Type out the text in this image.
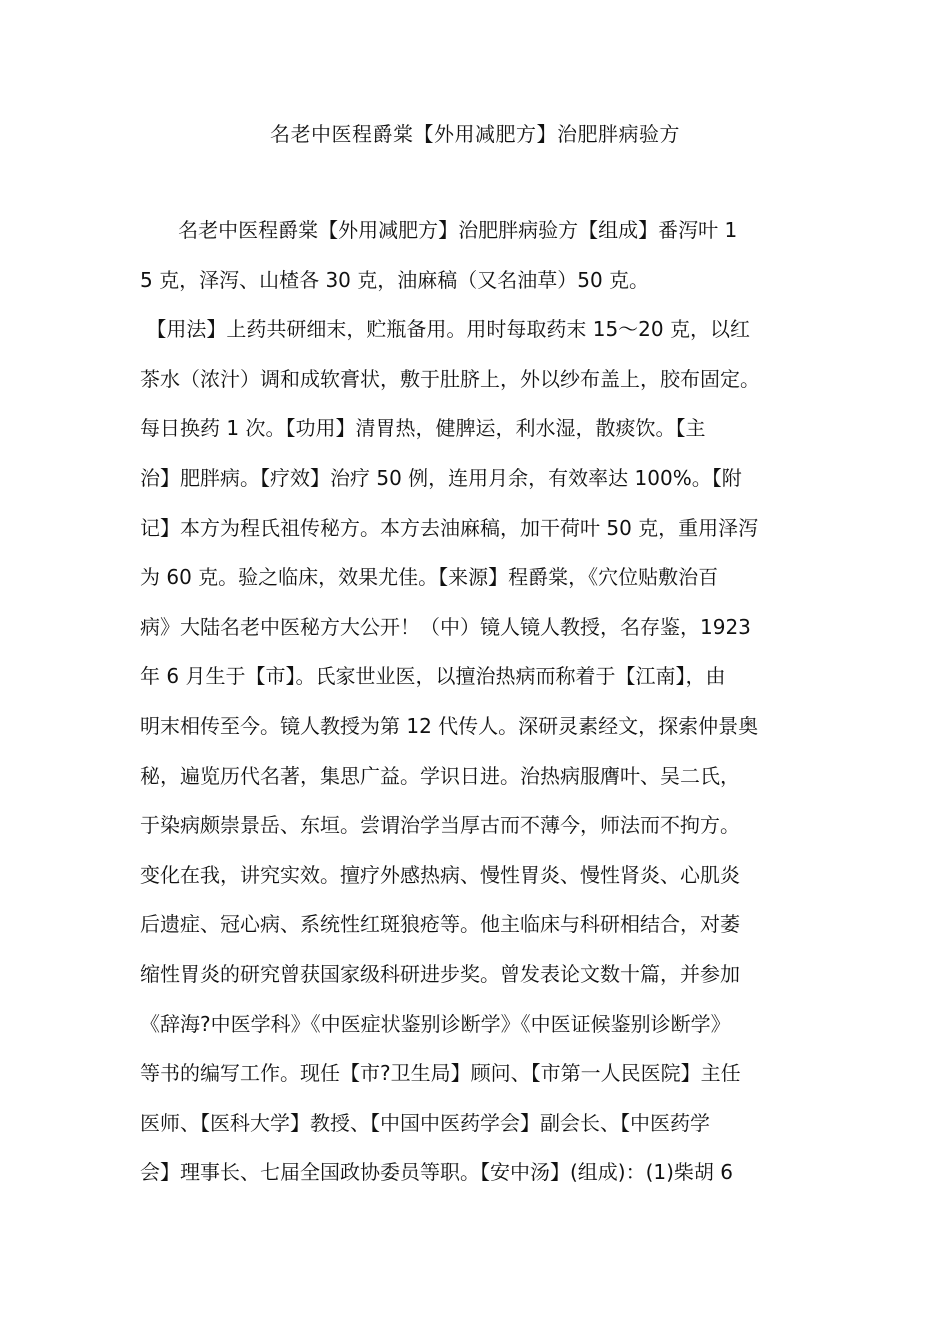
名老中医程爵棠【外用减肥方】治肥胖病验方
名老中医程爵棠【外用减肥方】治肥胖病验方【组成】番泻叶 1
5 克，泽泻、山楂各 30 克，油麻稿（又名油草）50 克。
【用法】上药共研细末，贮瓶备用。用时每取药末 15～20 克，以红
茶水（浓汁）调和成软膏状，敷于肚脐上，外以纱布盖上，胶布固定。
每日换药 1 次。【功用】清胃热，健脾运，利水湿，散痰饮。【主
治】肥胖病。【疗效】治疗 50 例，连用月余，有效率达 100%。【附
记】本方为程氏祖传秘方。本方去油麻稿，加干荷叶 50 克，重用泽泻
为 60 克。验之临床，效果尤佳。【来源】程爵棠，《穴位贴敷治百
病》大陆名老中医秘方大公开！（中）镜人镜人教授，名存鉴，1923
年 6 月生于【市】。氏家世业医，以擅治热病而称着于【江南】，由
明末相传至今。镜人教授为第 12 代传人。深研灵素经文，探索仲景奥
秘，遍览历代名著，集思广益。学识日进。治热病服膺叶、吴二氏，
于染病颇崇景岳、东垣。尝谓治学当厚古而不薄今，师法而不拘方。
变化在我，讲究实效。擅疗外感热病、慢性胃炎、慢性肾炎、心肌炎
后遗症、冠心病、系统性红斑狼疮等。他主临床与科研相结合，对萎
缩性胃炎的研究曾获国家级科研进步奖。曾发表论文数十篇，并参加
《辞海?中医学科》《中医症状鉴别诊断学》《中医证候鉴别诊断学》
等书的编写工作。现任【市?卫生局】顾问、【市第一人民医院】主任
医师、【医科大学】教授、【中国中医药学会】副会长、【中医药学
会】理事长、七届全国政协委员等职。【安中汤】(组成)：(1)柴胡 6
